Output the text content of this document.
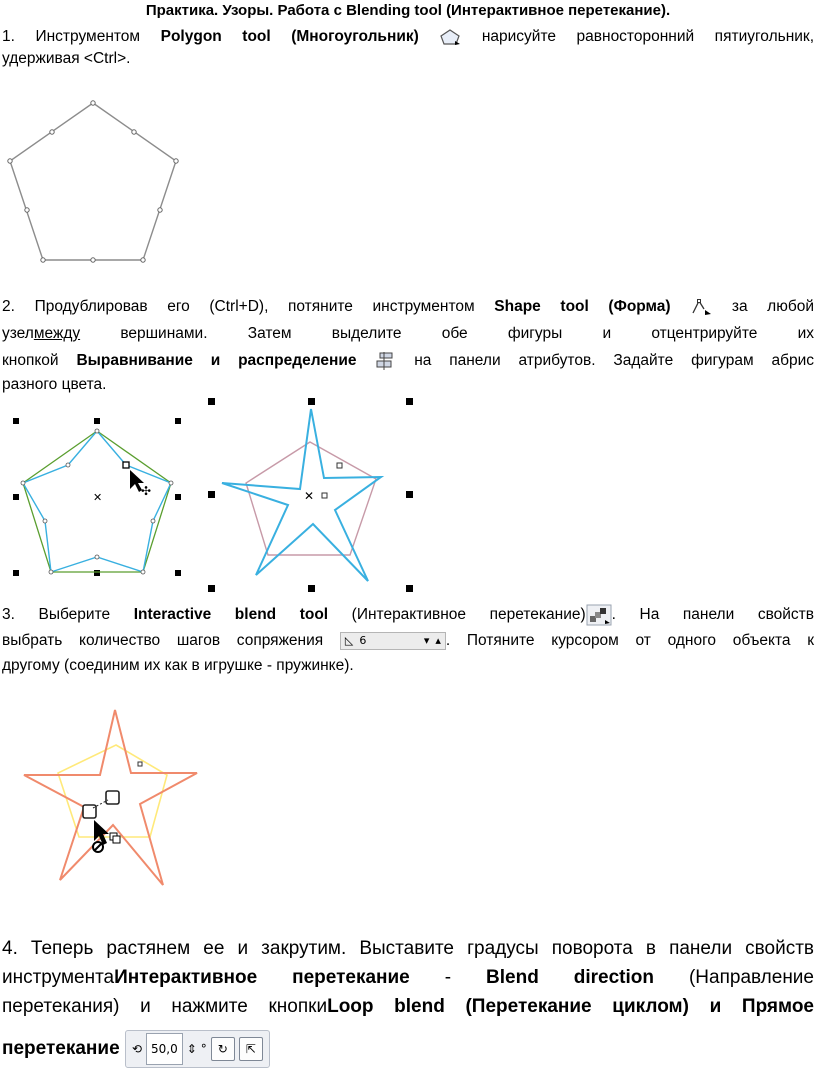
Практика. Узоры. Работа с Blending tool (Интерактивное перетекание).
1. Инструментом Polygon tool (Многоугольник)	нарисуйте равносторонний пятиугольник,
удерживая <Ctrl>.
2. Продублировав его (Ctrl+D), потяните инструментом Shape tool (Форма)	за любой
узелмежду	вершинами. Затем выделите обе фигуры и отцентрируйте их
кнопкой Выравнивание и распределение	на панели атрибутов. Задайте фигурам абрис
разного цвета.
✣
✕	✕
3. Выберите Interactive blend tool (Интерактивное перетекание) . На панели свойств
выбрать количество шагов сопряжения ◺ 6	▾ ▴ . Потяните курсором от одного объекта к
другому (соединим их как в игрушке - пружинке).
4. Теперь растянем ее и закрутим. Выставите градусы поворота в панели свойств
инструментаИнтерактивное перетекание - Blend direction (Направление
перетекания) и нажмите кнопкиLoop blend (Перетекание циклом) и Прямое
перетекание ⟲ 50,0 ⇕ ° ↻	⇱
